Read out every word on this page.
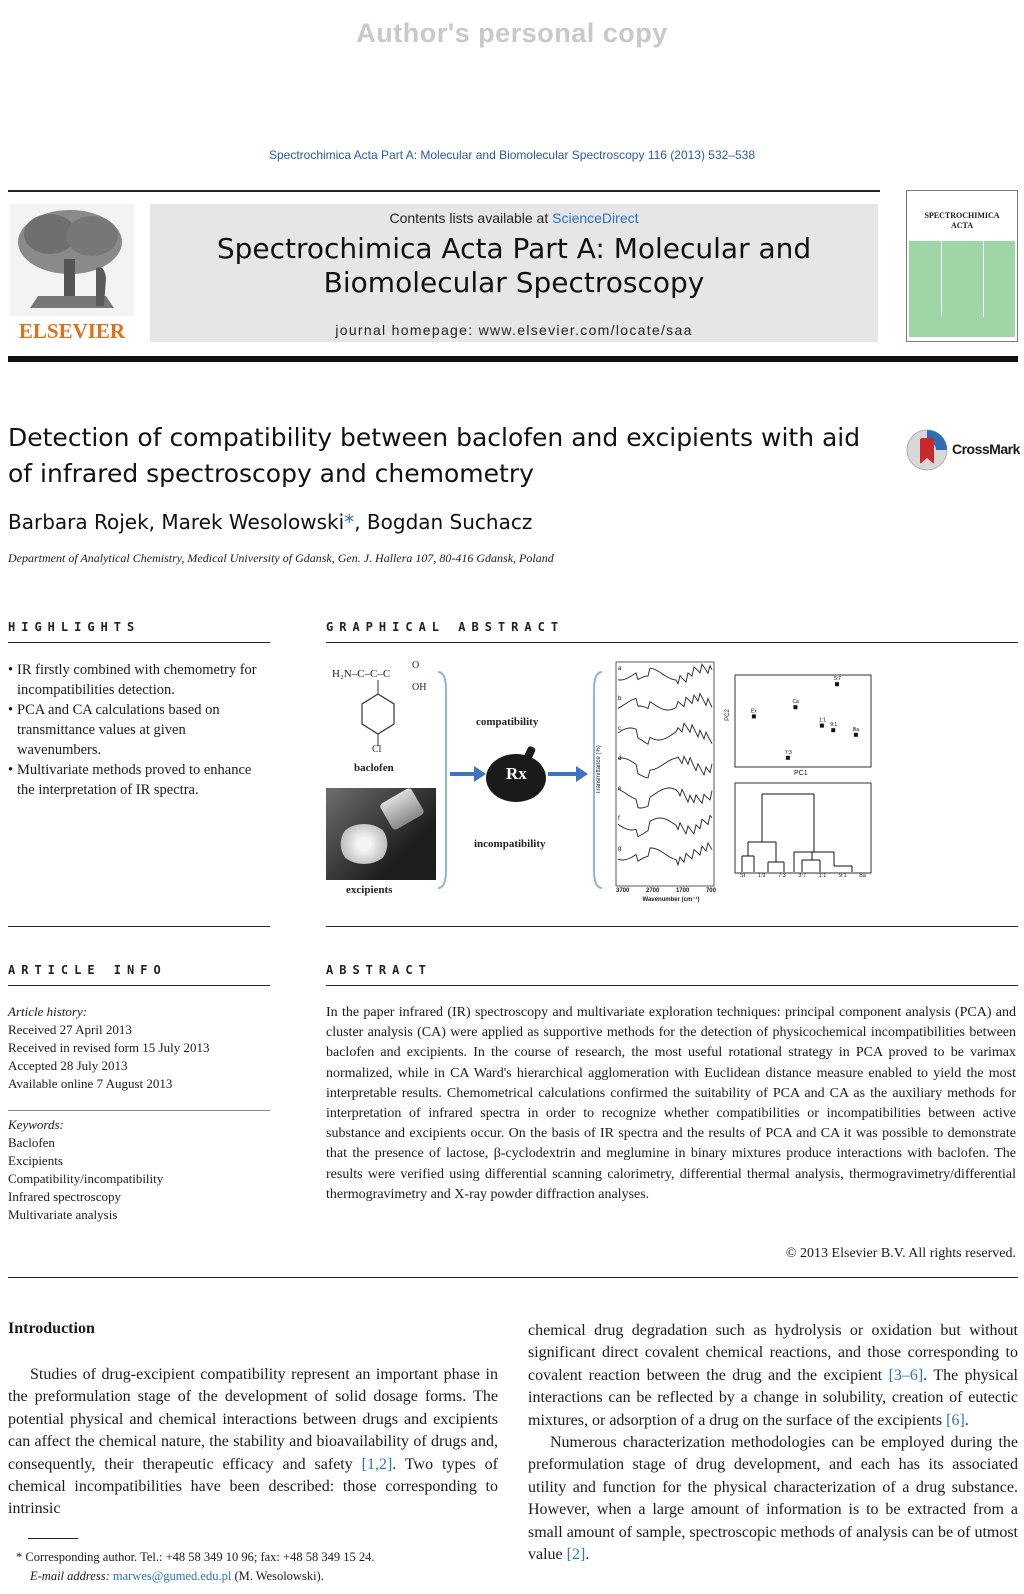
Author's personal copy
Spectrochimica Acta Part A: Molecular and Biomolecular Spectroscopy 116 (2013) 532–538
ELSEVIER
Contents lists available at ScienceDirect
Spectrochimica Acta Part A: Molecular and
Biomolecular Spectroscopy
journal homepage: www.elsevier.com/locate/saa
SPECTROCHIMICA
ACTA
Detection of compatibility between baclofen and excipients with aid
of infrared spectroscopy and chemometry
CrossMark
Barbara Rojek, Marek Wesolowski*, Bogdan Suchacz
Department of Analytical Chemistry, Medical University of Gdansk, Gen. J. Hallera 107, 80-416 Gdansk, Poland
HIGHLIGHTS
• IR firstly combined with chemometry for incompatibilities detection.
• PCA and CA calculations based on transmittance values at given wavenumbers.
• Multivariate methods proved to enhance the interpretation of IR spectra.
GRAPHICAL ABSTRACT
H₂N–C–C–C
O
OH
Cl
baclofen
excipients
compatibility
Rx
incompatibility
a
b
c
d
e
f
g
Transmittance (%)
3700	2700	1700	700
Wavenumber (cm⁻¹)
Ex
Ca
5:7
1:1
9:1
Ba
7:3
PC2
PC1
St 1:9 7:3 3:7 1:1 9:1 Ba
ARTICLE INFO
Article history:
Received 27 April 2013
Received in revised form 15 July 2013
Accepted 28 July 2013
Available online 7 August 2013
Keywords:
Baclofen
Excipients
Compatibility/incompatibility
Infrared spectroscopy
Multivariate analysis
ABSTRACT
In the paper infrared (IR) spectroscopy and multivariate exploration techniques: principal component analysis (PCA) and cluster analysis (CA) were applied as supportive methods for the detection of physicochemical incompatibilities between baclofen and excipients. In the course of research, the most useful rotational strategy in PCA proved to be varimax normalized, while in CA Ward's hierarchical agglomeration with Euclidean distance measure enabled to yield the most interpretable results. Chemometrical calculations confirmed the suitability of PCA and CA as the auxiliary methods for interpretation of infrared spectra in order to recognize whether compatibilities or incompatibilities between active substance and excipients occur. On the basis of IR spectra and the results of PCA and CA it was possible to demonstrate that the presence of lactose, β-cyclodextrin and meglumine in binary mixtures produce interactions with baclofen. The results were verified using differential scanning calorimetry, differential thermal analysis, thermogravimetry/differential thermogravimetry and X-ray powder diffraction analyses.
© 2013 Elsevier B.V. All rights reserved.
Introduction

Studies of drug-excipient compatibility represent an important phase in the preformulation stage of the development of solid dosage forms. The potential physical and chemical interactions between drugs and excipients can affect the chemical nature, the stability and bioavailability of drugs and, consequently, their therapeutic efficacy and safety [1,2]. Two types of chemical incompatibilities have been described: those corresponding to intrinsic

chemical drug degradation such as hydrolysis or oxidation but without significant direct covalent chemical reactions, and those corresponding to covalent reaction between the drug and the excipient [3–6]. The physical interactions can be reflected by a change in solubility, creation of eutectic mixtures, or adsorption of a drug on the surface of the excipients [6].

Numerous characterization methodologies can be employed during the preformulation stage of drug development, and each has its associated utility and function for the physical characterization of a drug substance. However, when a large amount of information is to be extracted from a small amount of sample, spectroscopic methods of analysis can be of utmost value [2].

* Corresponding author. Tel.: +48 58 349 10 96; fax: +48 58 349 15 24.
E-mail address: marwes@gumed.edu.pl (M. Wesolowski).
